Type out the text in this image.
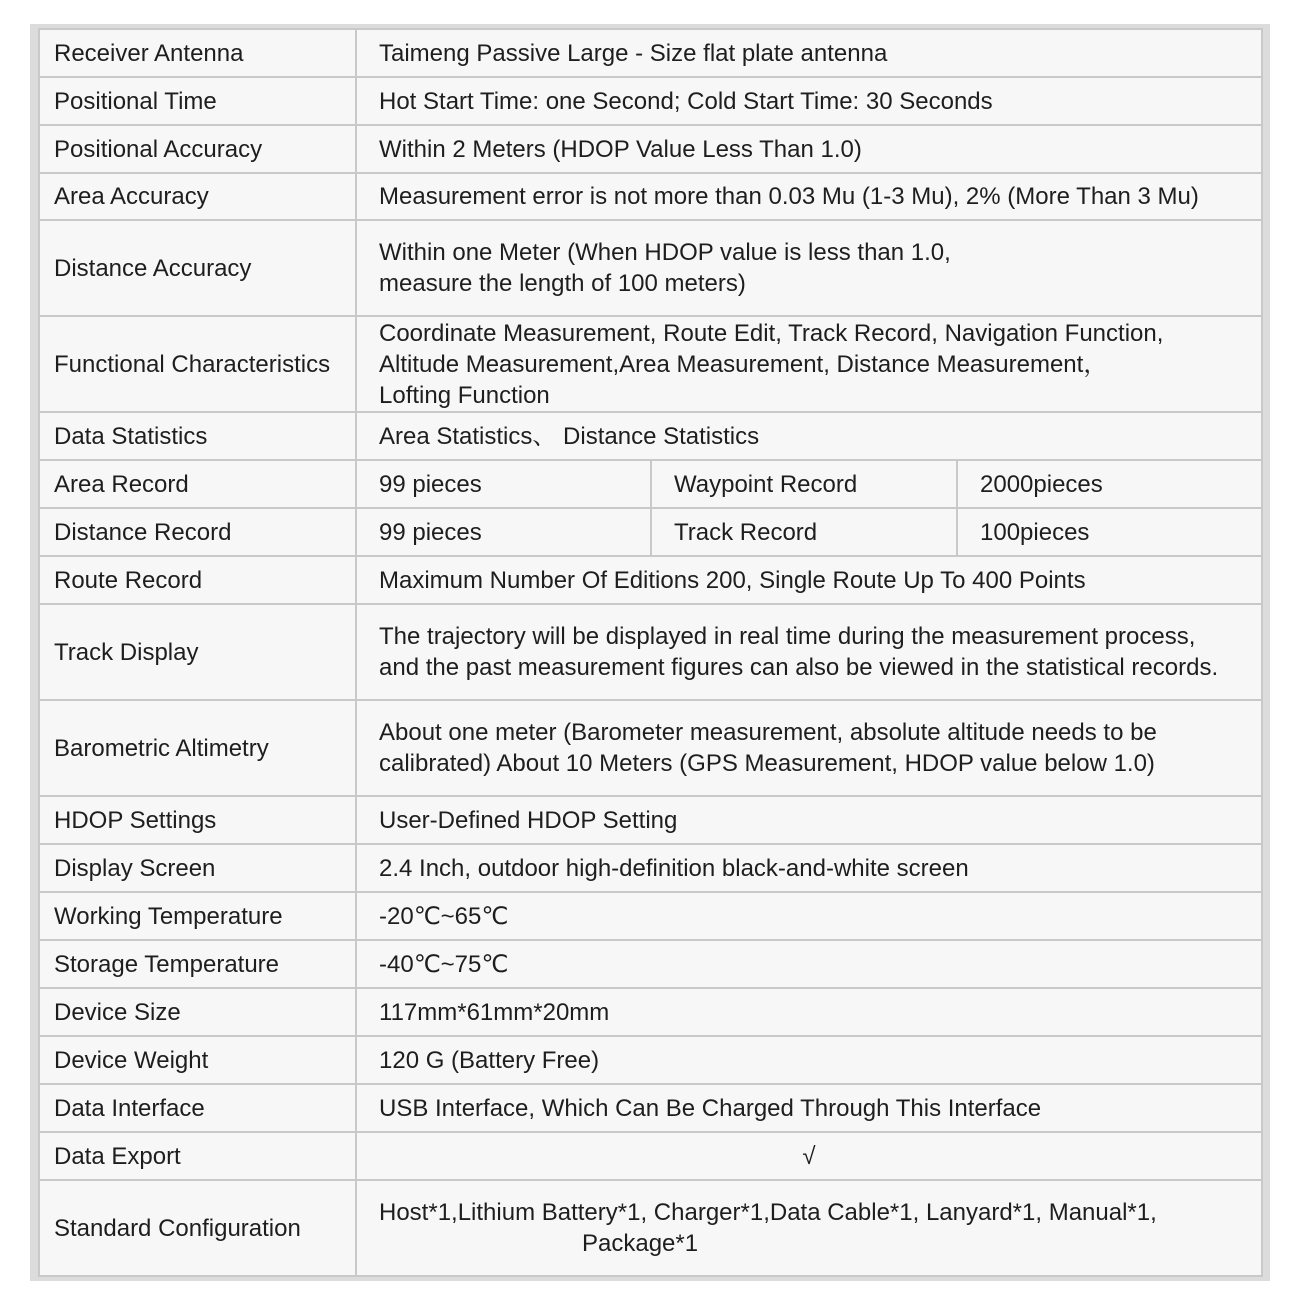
Receiver Antenna	Taimeng Passive Large - Size flat plate antenna		
Positional Time	Hot Start Time: one Second; Cold Start Time: 30 Seconds		
Positional Accuracy	Within 2 Meters (HDOP Value Less Than 1.0)		
Area Accuracy	Measurement error is not more than 0.03 Mu (1-3 Mu), 2% (More Than 3 Mu)		
Distance Accuracy	Within one Meter (When HDOP value is less than 1.0,
measure the length of 100 meters)		

Functional Characteristics	Coordinate Measurement, Route Edit, Track Record, Navigation Function,
Altitude Measurement,Area Measurement, Distance Measurement，
Lofting Function		

Data Statistics	Area Statistics、 Distance Statistics		
Area Record	99 pieces	Waypoint Record	2000pieces
Distance Record	99 pieces	Track Record	100pieces
Route Record	Maximum Number Of Editions 200, Single Route Up To 400 Points		
Track Display	The trajectory will be displayed in real time during the measurement process,
and the past measurement figures can also be viewed in the statistical records.		

Barometric Altimetry	About one meter (Barometer measurement, absolute altitude needs to be
calibrated) About 10 Meters (GPS Measurement, HDOP value below 1.0)		

HDOP Settings	User-Defined HDOP Setting		
Display Screen	2.4 Inch, outdoor high-definition black-and-white screen		
Working Temperature	-20℃~65℃		
Storage Temperature	-40℃~75℃		
Device Size	117mm*61mm*20mm		
Device Weight	120 G (Battery Free)		
Data Interface	USB Interface, Which Can Be Charged Through This Interface		
Data Export	√		
Standard Configuration	Host*1,Lithium Battery*1, Charger*1,Data Cable*1, Lanyard*1, Manual*1,
Package*1		
